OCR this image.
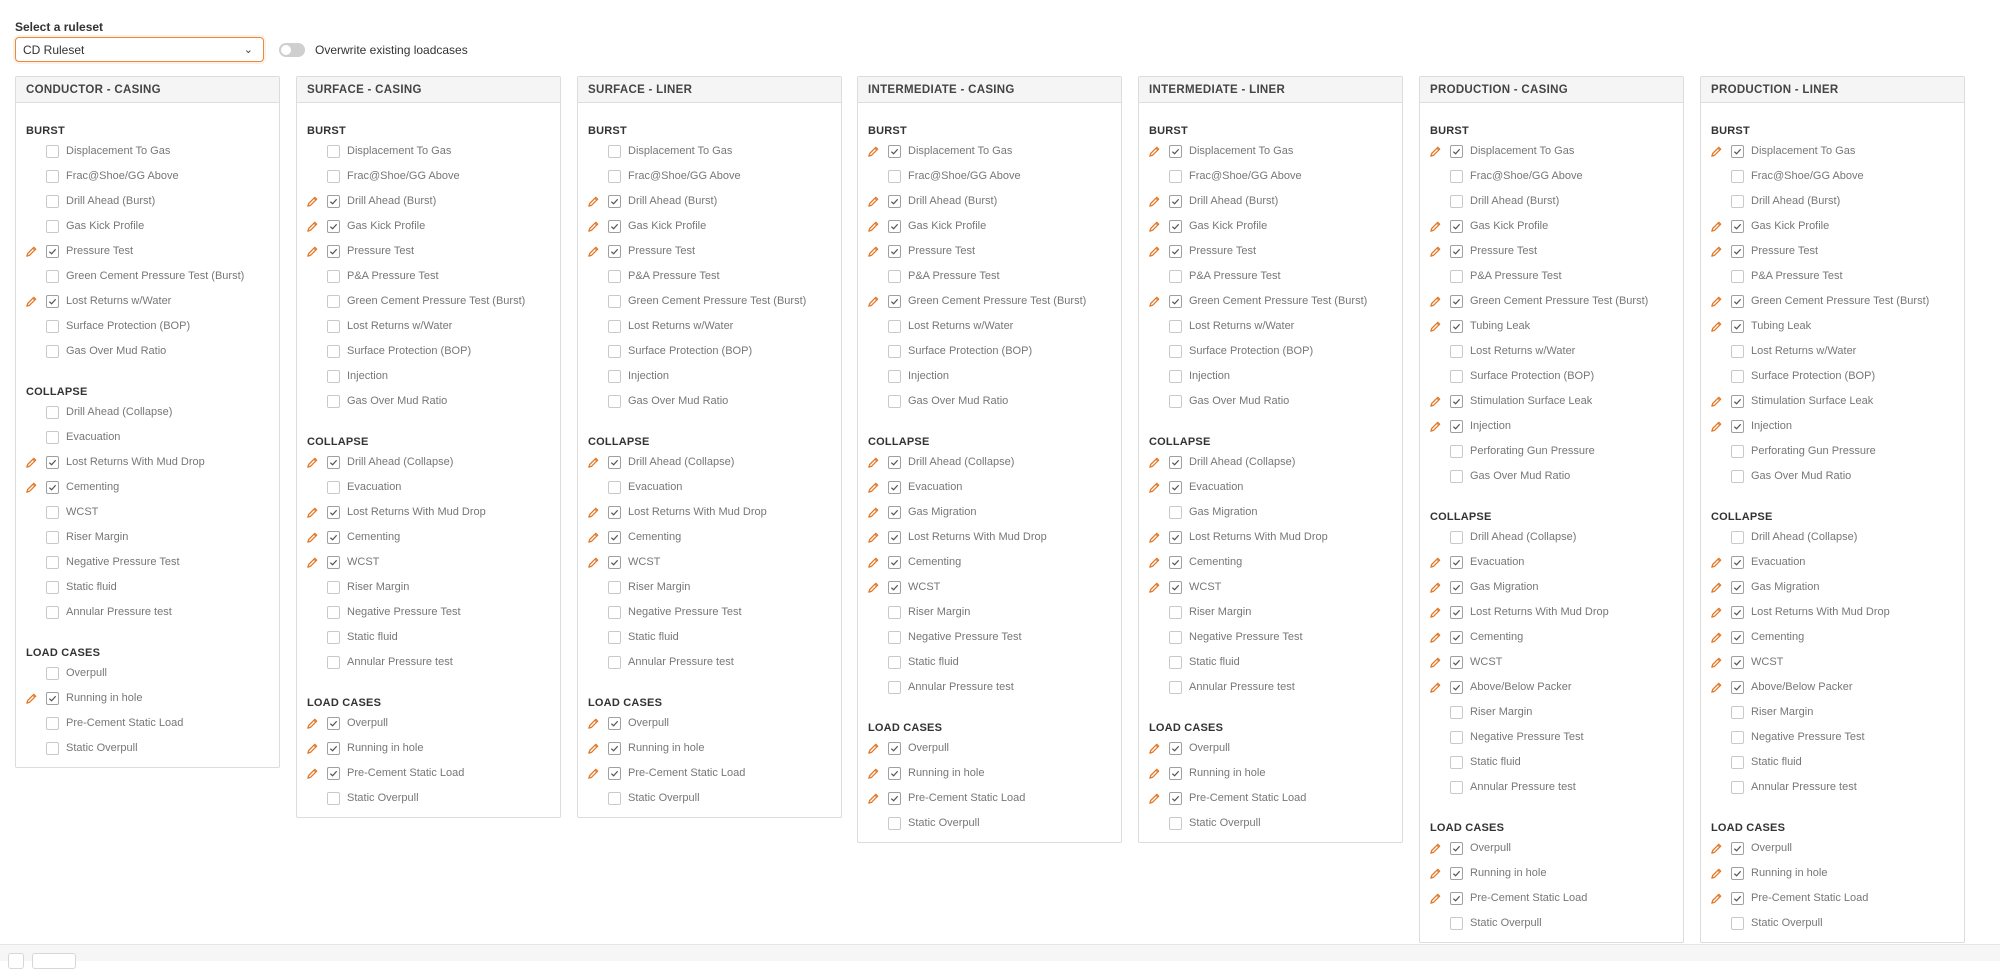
Select a ruleset
CD Ruleset	⌄	Overwrite existing loadcases
CONDUCTOR - CASING
BURST
Displacement To Gas
Frac@Shoe/GG Above
Drill Ahead (Burst)
Gas Kick Profile
Pressure Test
Green Cement Pressure Test (Burst)
Lost Returns w/Water
Surface Protection (BOP)
Gas Over Mud Ratio
COLLAPSE
Drill Ahead (Collapse)
Evacuation
Lost Returns With Mud Drop
Cementing
WCST
Riser Margin
Negative Pressure Test
Static fluid
Annular Pressure test
LOAD CASES
Overpull
Running in hole
Pre-Cement Static Load
Static Overpull
SURFACE - CASING
BURST
Displacement To Gas
Frac@Shoe/GG Above
Drill Ahead (Burst)
Gas Kick Profile
Pressure Test
P&A Pressure Test
Green Cement Pressure Test (Burst)
Lost Returns w/Water
Surface Protection (BOP)
Injection
Gas Over Mud Ratio
COLLAPSE
Drill Ahead (Collapse)
Evacuation
Lost Returns With Mud Drop
Cementing
WCST
Riser Margin
Negative Pressure Test
Static fluid
Annular Pressure test
LOAD CASES
Overpull
Running in hole
Pre-Cement Static Load
Static Overpull
SURFACE - LINER
BURST
Displacement To Gas
Frac@Shoe/GG Above
Drill Ahead (Burst)
Gas Kick Profile
Pressure Test
P&A Pressure Test
Green Cement Pressure Test (Burst)
Lost Returns w/Water
Surface Protection (BOP)
Injection
Gas Over Mud Ratio
COLLAPSE
Drill Ahead (Collapse)
Evacuation
Lost Returns With Mud Drop
Cementing
WCST
Riser Margin
Negative Pressure Test
Static fluid
Annular Pressure test
LOAD CASES
Overpull
Running in hole
Pre-Cement Static Load
Static Overpull
INTERMEDIATE - CASING
BURST
Displacement To Gas
Frac@Shoe/GG Above
Drill Ahead (Burst)
Gas Kick Profile
Pressure Test
P&A Pressure Test
Green Cement Pressure Test (Burst)
Lost Returns w/Water
Surface Protection (BOP)
Injection
Gas Over Mud Ratio
COLLAPSE
Drill Ahead (Collapse)
Evacuation
Gas Migration
Lost Returns With Mud Drop
Cementing
WCST
Riser Margin
Negative Pressure Test
Static fluid
Annular Pressure test
LOAD CASES
Overpull
Running in hole
Pre-Cement Static Load
Static Overpull
INTERMEDIATE - LINER
BURST
Displacement To Gas
Frac@Shoe/GG Above
Drill Ahead (Burst)
Gas Kick Profile
Pressure Test
P&A Pressure Test
Green Cement Pressure Test (Burst)
Lost Returns w/Water
Surface Protection (BOP)
Injection
Gas Over Mud Ratio
COLLAPSE
Drill Ahead (Collapse)
Evacuation
Gas Migration
Lost Returns With Mud Drop
Cementing
WCST
Riser Margin
Negative Pressure Test
Static fluid
Annular Pressure test
LOAD CASES
Overpull
Running in hole
Pre-Cement Static Load
Static Overpull
PRODUCTION - CASING
BURST
Displacement To Gas
Frac@Shoe/GG Above
Drill Ahead (Burst)
Gas Kick Profile
Pressure Test
P&A Pressure Test
Green Cement Pressure Test (Burst)
Tubing Leak
Lost Returns w/Water
Surface Protection (BOP)
Stimulation Surface Leak
Injection
Perforating Gun Pressure
Gas Over Mud Ratio
COLLAPSE
Drill Ahead (Collapse)
Evacuation
Gas Migration
Lost Returns With Mud Drop
Cementing
WCST
Above/Below Packer
Riser Margin
Negative Pressure Test
Static fluid
Annular Pressure test
LOAD CASES
Overpull
Running in hole
Pre-Cement Static Load
Static Overpull
PRODUCTION - LINER
BURST
Displacement To Gas
Frac@Shoe/GG Above
Drill Ahead (Burst)
Gas Kick Profile
Pressure Test
P&A Pressure Test
Green Cement Pressure Test (Burst)
Tubing Leak
Lost Returns w/Water
Surface Protection (BOP)
Stimulation Surface Leak
Injection
Perforating Gun Pressure
Gas Over Mud Ratio
COLLAPSE
Drill Ahead (Collapse)
Evacuation
Gas Migration
Lost Returns With Mud Drop
Cementing
WCST
Above/Below Packer
Riser Margin
Negative Pressure Test
Static fluid
Annular Pressure test
LOAD CASES
Overpull
Running in hole
Pre-Cement Static Load
Static Overpull
